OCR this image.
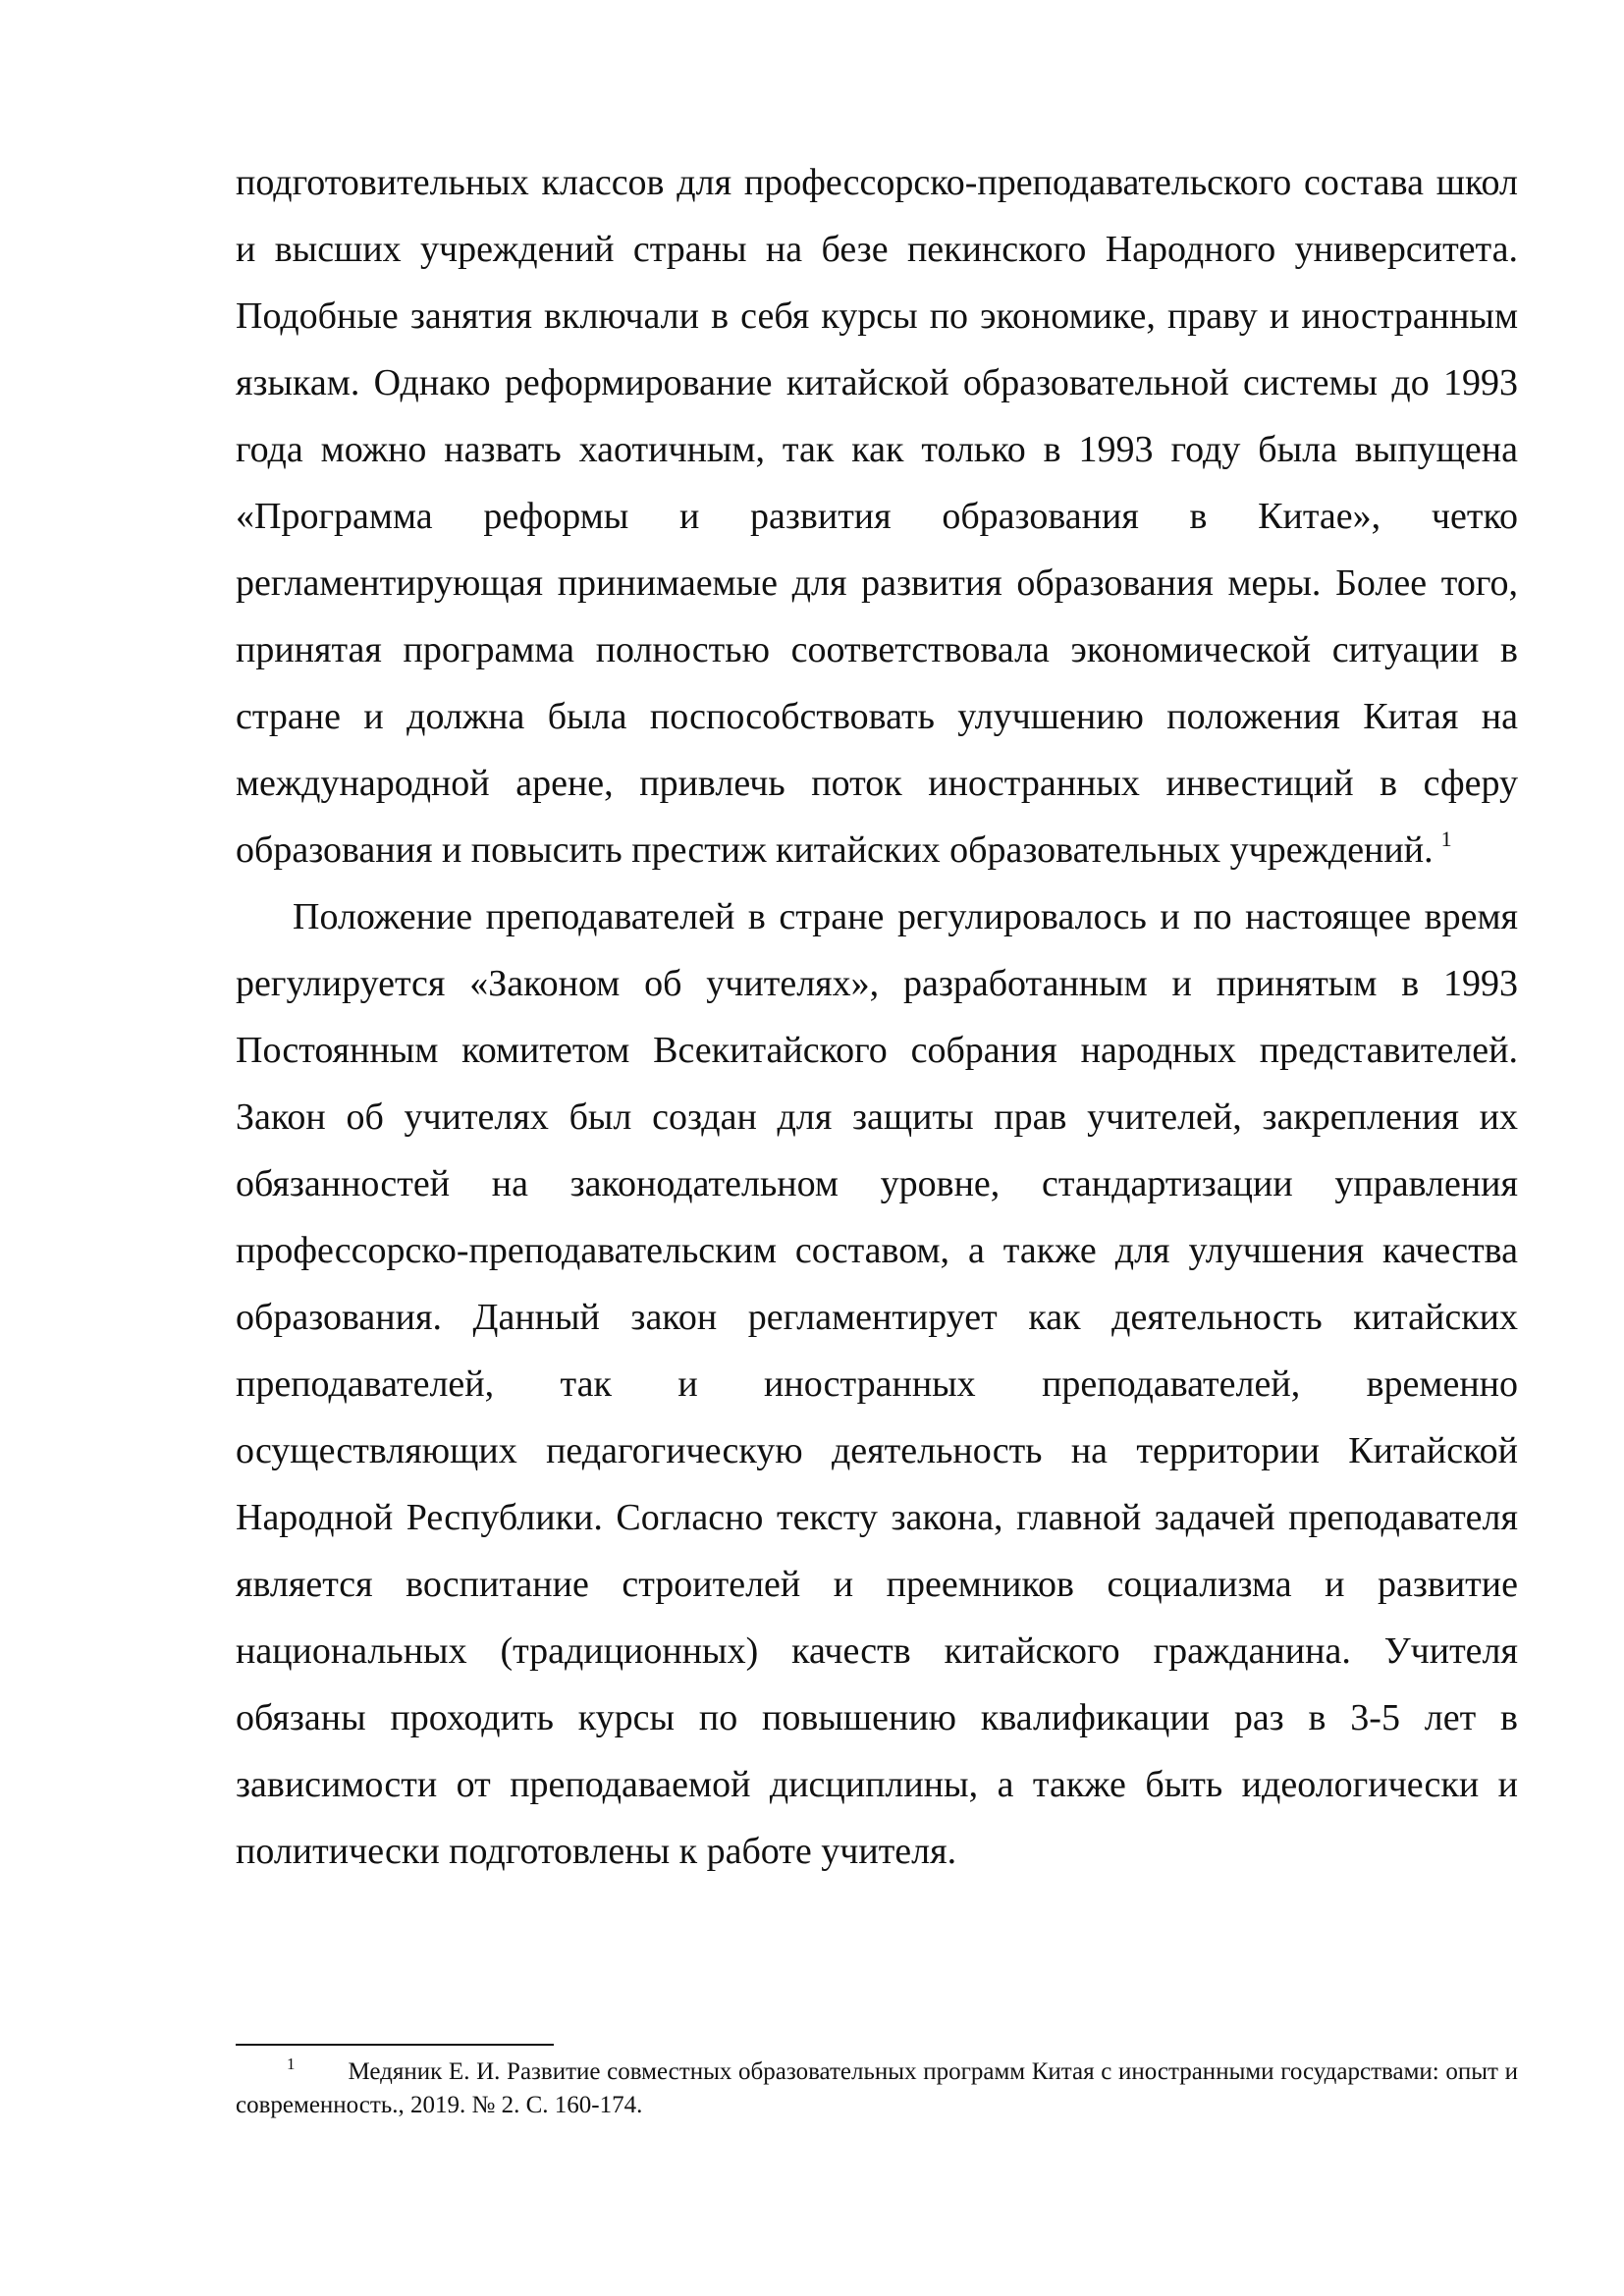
подготовительных классов для профессорско-преподавательского состава школ и высших учреждений страны на безе пекинского Народного университета. Подобные занятия включали в себя курсы по экономике, праву и иностранным языкам. Однако реформирование китайской образовательной системы до 1993 года можно назвать хаотичным, так как только в 1993 году была выпущена «Программа реформы и развития образования в Китае», четко регламентирующая принимаемые для развития образования меры. Более того, принятая программа полностью соответствовала экономической ситуации в стране и должна была поспособствовать улучшению положения Китая на международной арене, привлечь поток иностранных инвестиций в сферу образования и повысить престиж китайских образовательных учреждений. $^1$

Положение преподавателей в стране регулировалось и по настоящее время регулируется «Законом об учителях», разработанным и принятым в 1993 Постоянным комитетом Всекитайского собрания народных представителей. Закон об учителях был создан для защиты прав учителей, закрепления их обязанностей на законодательном уровне, стандартизации управления профессорско-преподавательским составом, а также для улучшения качества образования. Данный закон регламентирует как деятельность китайских преподавателей, так и иностранных преподавателей, временно осуществляющих педагогическую деятельность на территории Китайской Народной Республики. Согласно тексту закона, главной задачей преподавателя является воспитание строителей и преемников социализма и развитие национальных (традиционных) качеств китайского гражданина. Учителя обязаны проходить курсы по повышению квалификации раз в 3-5 лет в зависимости от преподаваемой дисциплины, а также быть идеологически и политически подготовлены к работе учителя.

$^1$ Медяник Е. И. Развитие совместных образовательных программ Китая с иностранными государствами: опыт и современность., 2019. № 2. С. 160-174.
